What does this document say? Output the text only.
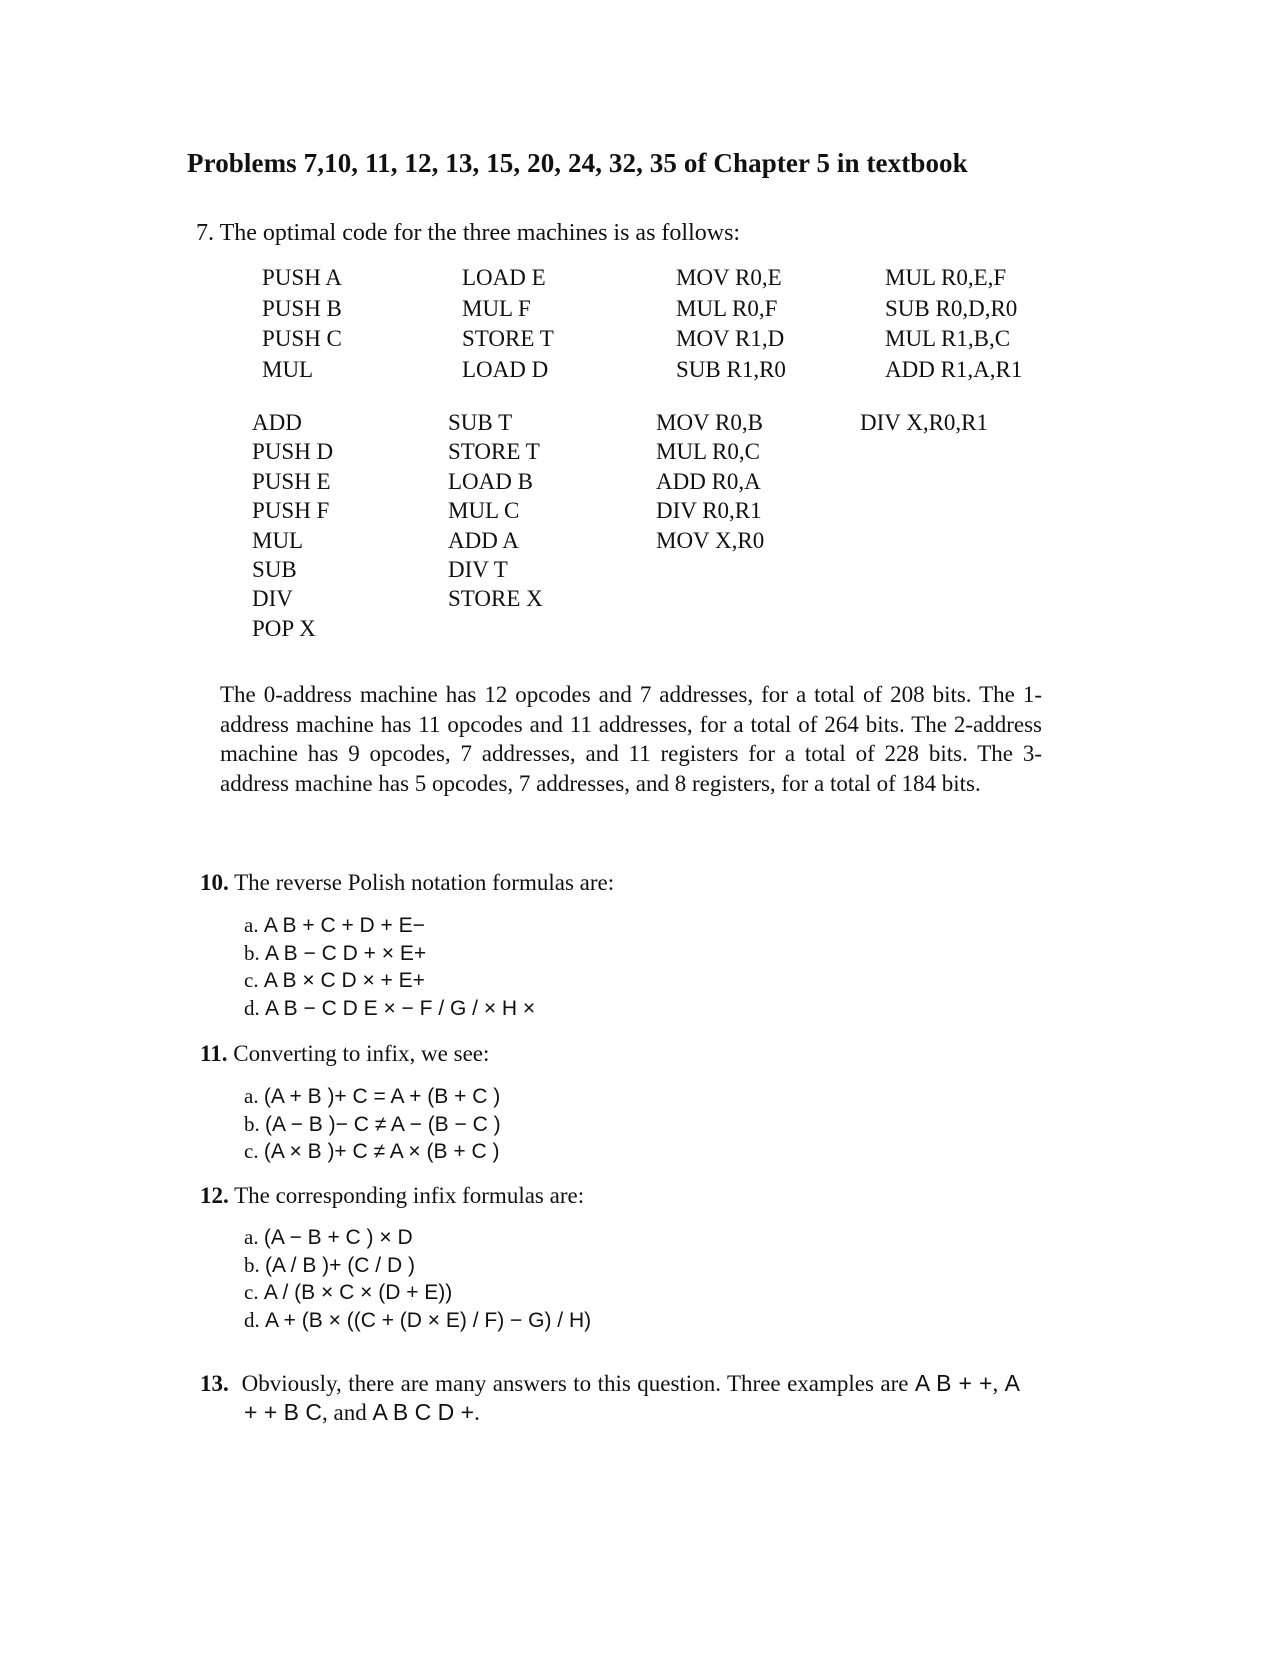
Problems 7,10, 11, 12, 13, 15, 20, 24, 32, 35 of Chapter 5 in textbook
7. The optimal code for the three machines is as follows:
PUSH A
PUSH B
PUSH C
MUL
LOAD E
MUL F
STORE T
LOAD D
MOV R0,E
MUL R0,F
MOV R1,D
SUB R1,R0
MUL R0,E,F
SUB R0,D,R0
MUL R1,B,C
ADD R1,A,R1
ADD
PUSH D
PUSH E
PUSH F
MUL
SUB
DIV
POP X
SUB T
STORE T
LOAD B
MUL C
ADD A
DIV T
STORE X
MOV R0,B
MUL R0,C
ADD R0,A
DIV R0,R1
MOV X,R0
DIV X,R0,R1
The 0-address machine has 12 opcodes and 7 addresses, for a total of 208 bits. The 1-address machine has 11 opcodes and 11 addresses, for a total of 264 bits. The 2-address machine has 9 opcodes, 7 addresses, and 11 registers for a total of 228 bits. The 3-address machine has 5 opcodes, 7 addresses, and 8 registers, for a total of 184 bits.
10. The reverse Polish notation formulas are:
a. A B + C + D + E−
b. A B − C D + × E+
c. A B × C D × + E+
d. A B − C D E × − F / G / × H ×
11. Converting to infix, we see:
a. (A + B )+ C = A + (B + C )
b. (A − B )− C ≠ A − (B − C )
c. (A × B )+ C ≠ A × (B + C )
12. The corresponding infix formulas are:
a. (A − B + C ) × D
b. (A / B )+ (C / D )
c. A / (B × C × (D + E))
d. A + (B × ((C + (D × E) / F) − G) / H)
13. Obviously, there are many answers to this question. Three examples are A B + +, A + + B C, and A B C D +.
